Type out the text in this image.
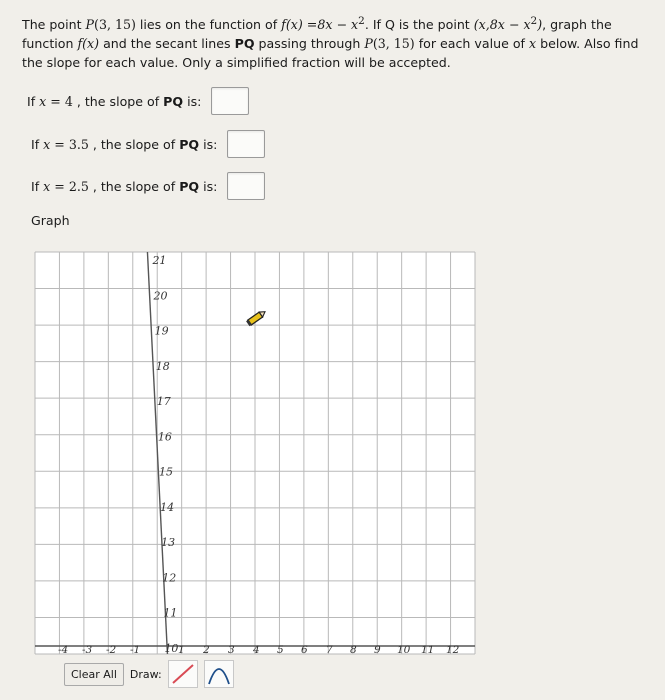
The point P(3, 15) lies on the function of $f(x) =8x - x^2$. If Q is the point $(x,8x - x^2)$, graph the function f(x) and the secant lines PQ passing through P(3, 15) for each value of x below. Also find the slope for each value. Only a simplified fraction will be accepted.

If x = 4 , the slope of PQ is:
If x = 3.5 , the slope of PQ is:
If x = 2.5 , the slope of PQ is:
Graph
21
20
19
18
17
16
15
14
13
12
11
10
-4 -3 -2 -1	1 2 3 4 5 6 7 8 9 10 11 12
Clear All	Draw:
